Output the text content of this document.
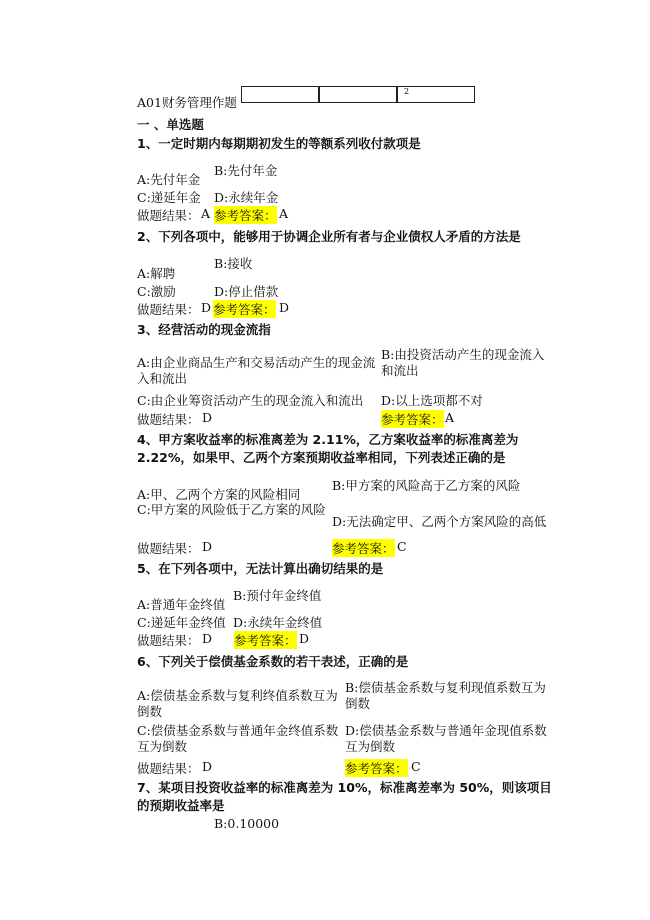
A01财务管理作题
2
一 、单选题
1、一定时期内每期期初发生的等额系列收付款项是
A:先付年金
B:先付年金
C:递延年金 D:永续年金
做题结果： A 参考答案： A
2、下列各项中，能够用于协调企业所有者与企业债权人矛盾的方法是
A:解聘
B:接收
C:激励	D:停止借款
做题结果： D 参考答案： D
3、经营活动的现金流指
A:由企业商品生产和交易活动产生的现金流入和流出
B:由投资活动产生的现金流入和流出
C:由企业筹资活动产生的现金流入和流出 D:以上选项都不对
做题结果： D	参考答案： A
4、甲方案收益率的标准离差为 2.11%，乙方案收益率的标准离差为 2.22%，如果甲、乙两个方案预期收益率相同，下列表述正确的是
A:甲、乙两个方案的风险相同
B:甲方案的风险高于乙方案的风险
C:甲方案的风险低于乙方案的风险
D:无法确定甲、乙两个方案风险的高低
做题结果： D	参考答案： C
5、在下列各项中，无法计算出确切结果的是
A:普通年金终值
B:预付年金终值
C:递延年金终值 D:永续年金终值
做题结果： D 参考答案： D
6、下列关于偿债基金系数的若干表述，正确的是
A:偿债基金系数与复利终值系数互为倒数
B:偿债基金系数与复利现值系数互为倒数
C:偿债基金系数与普通年金终值系数互为倒数
D:偿债基金系数与普通年金现值系数互为倒数
做题结果： D	参考答案： C
7、某项目投资收益率的标准离差为 10%，标准离差率为 50%，则该项目的预期收益率是
B:0.10000
